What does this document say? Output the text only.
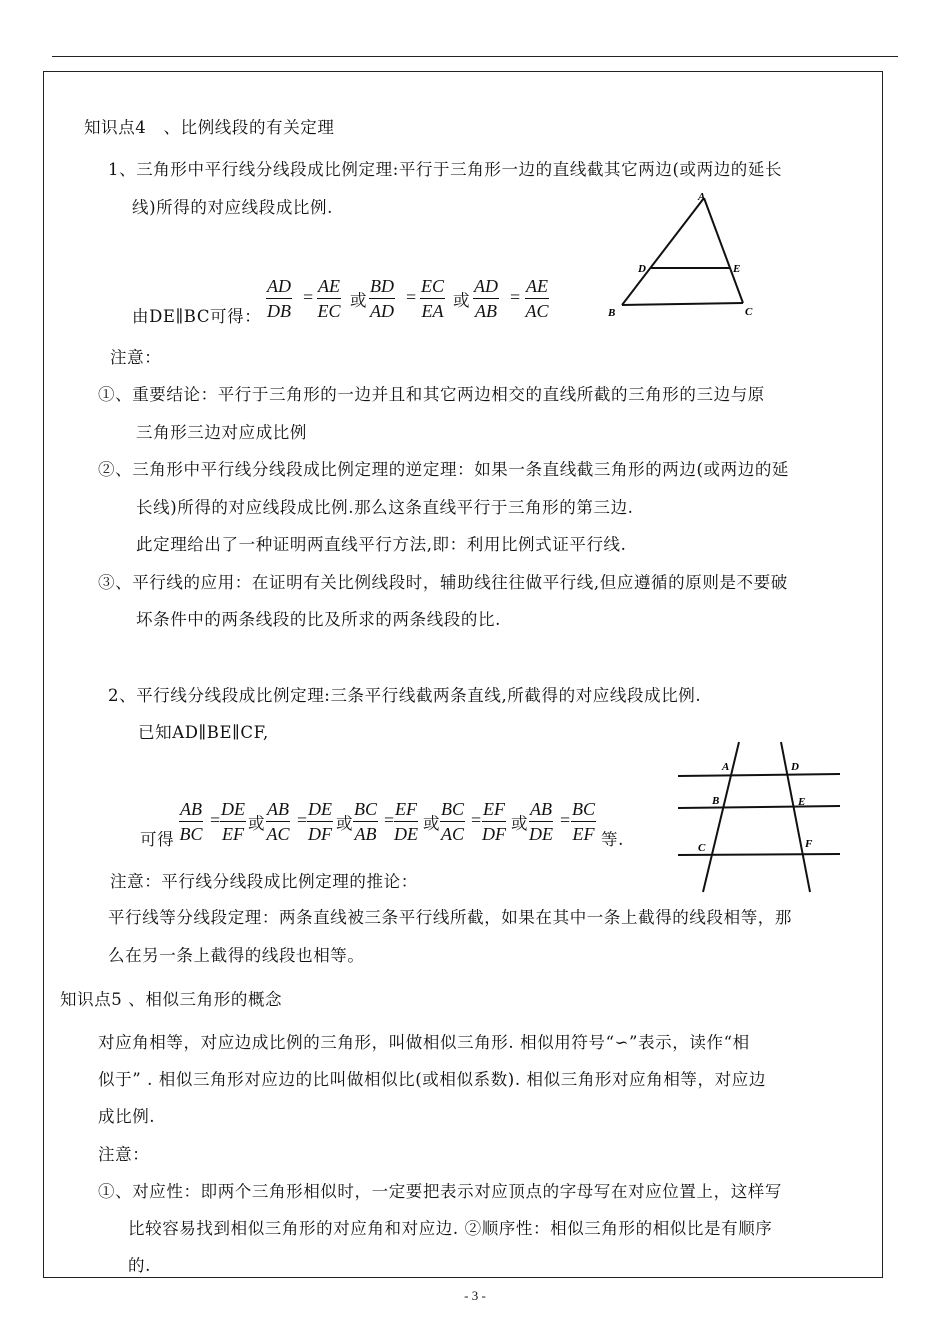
知识点4　、比例线段的有关定理
1、三角形中平行线分线段成比例定理:平行于三角形一边的直线截其它两边(或两边的延长
线)所得的对应线段成比例.
A
D	E
B	C
由DE∥BC可得： $\frac{AD}{DB} = \frac{AE}{EC}$ 或 $\frac{BD}{AD} = \frac{EC}{EA}$ 或 $\frac{AD}{AB} = \frac{AE}{AC}$
注意：
①、重要结论：平行于三角形的一边并且和其它两边相交的直线所截的三角形的三边与原
三角形三边对应成比例
②、三角形中平行线分线段成比例定理的逆定理：如果一条直线截三角形的两边(或两边的延
长线)所得的对应线段成比例.那么这条直线平行于三角形的第三边.
此定理给出了一种证明两直线平行方法,即：利用比例式证平行线.
③、平行线的应用：在证明有关比例线段时，辅助线往往做平行线,但应遵循的原则是不要破
坏条件中的两条线段的比及所求的两条线段的比.
2、平行线分线段成比例定理:三条平行线截两条直线,所截得的对应线段成比例.
已知AD∥BE∥CF,
A	D
B	E
C	F
可得 $\frac{AB}{BC} = \frac{DE}{EF}$ 或 $\frac{AB}{AC} = \frac{DE}{DF}$ 或 $\frac{BC}{AB} = \frac{EF}{DE}$ 或 $\frac{BC}{AC} = \frac{EF}{DF}$ 或 $\frac{AB}{DE} = \frac{BC}{EF}$ 等.
注意：平行线分线段成比例定理的推论：
平行线等分线段定理：两条直线被三条平行线所截，如果在其中一条上截得的线段相等，那
么在另一条上截得的线段也相等。
知识点5 、相似三角形的概念
对应角相等，对应边成比例的三角形，叫做相似三角形. 相似用符号“∽”表示，读作“相
似于” . 相似三角形对应边的比叫做相似比(或相似系数). 相似三角形对应角相等，对应边
成比例.
注意：
①、对应性：即两个三角形相似时，一定要把表示对应顶点的字母写在对应位置上，这样写
比较容易找到相似三角形的对应角和对应边. ②顺序性：相似三角形的相似比是有顺序
的.
- 3 -
